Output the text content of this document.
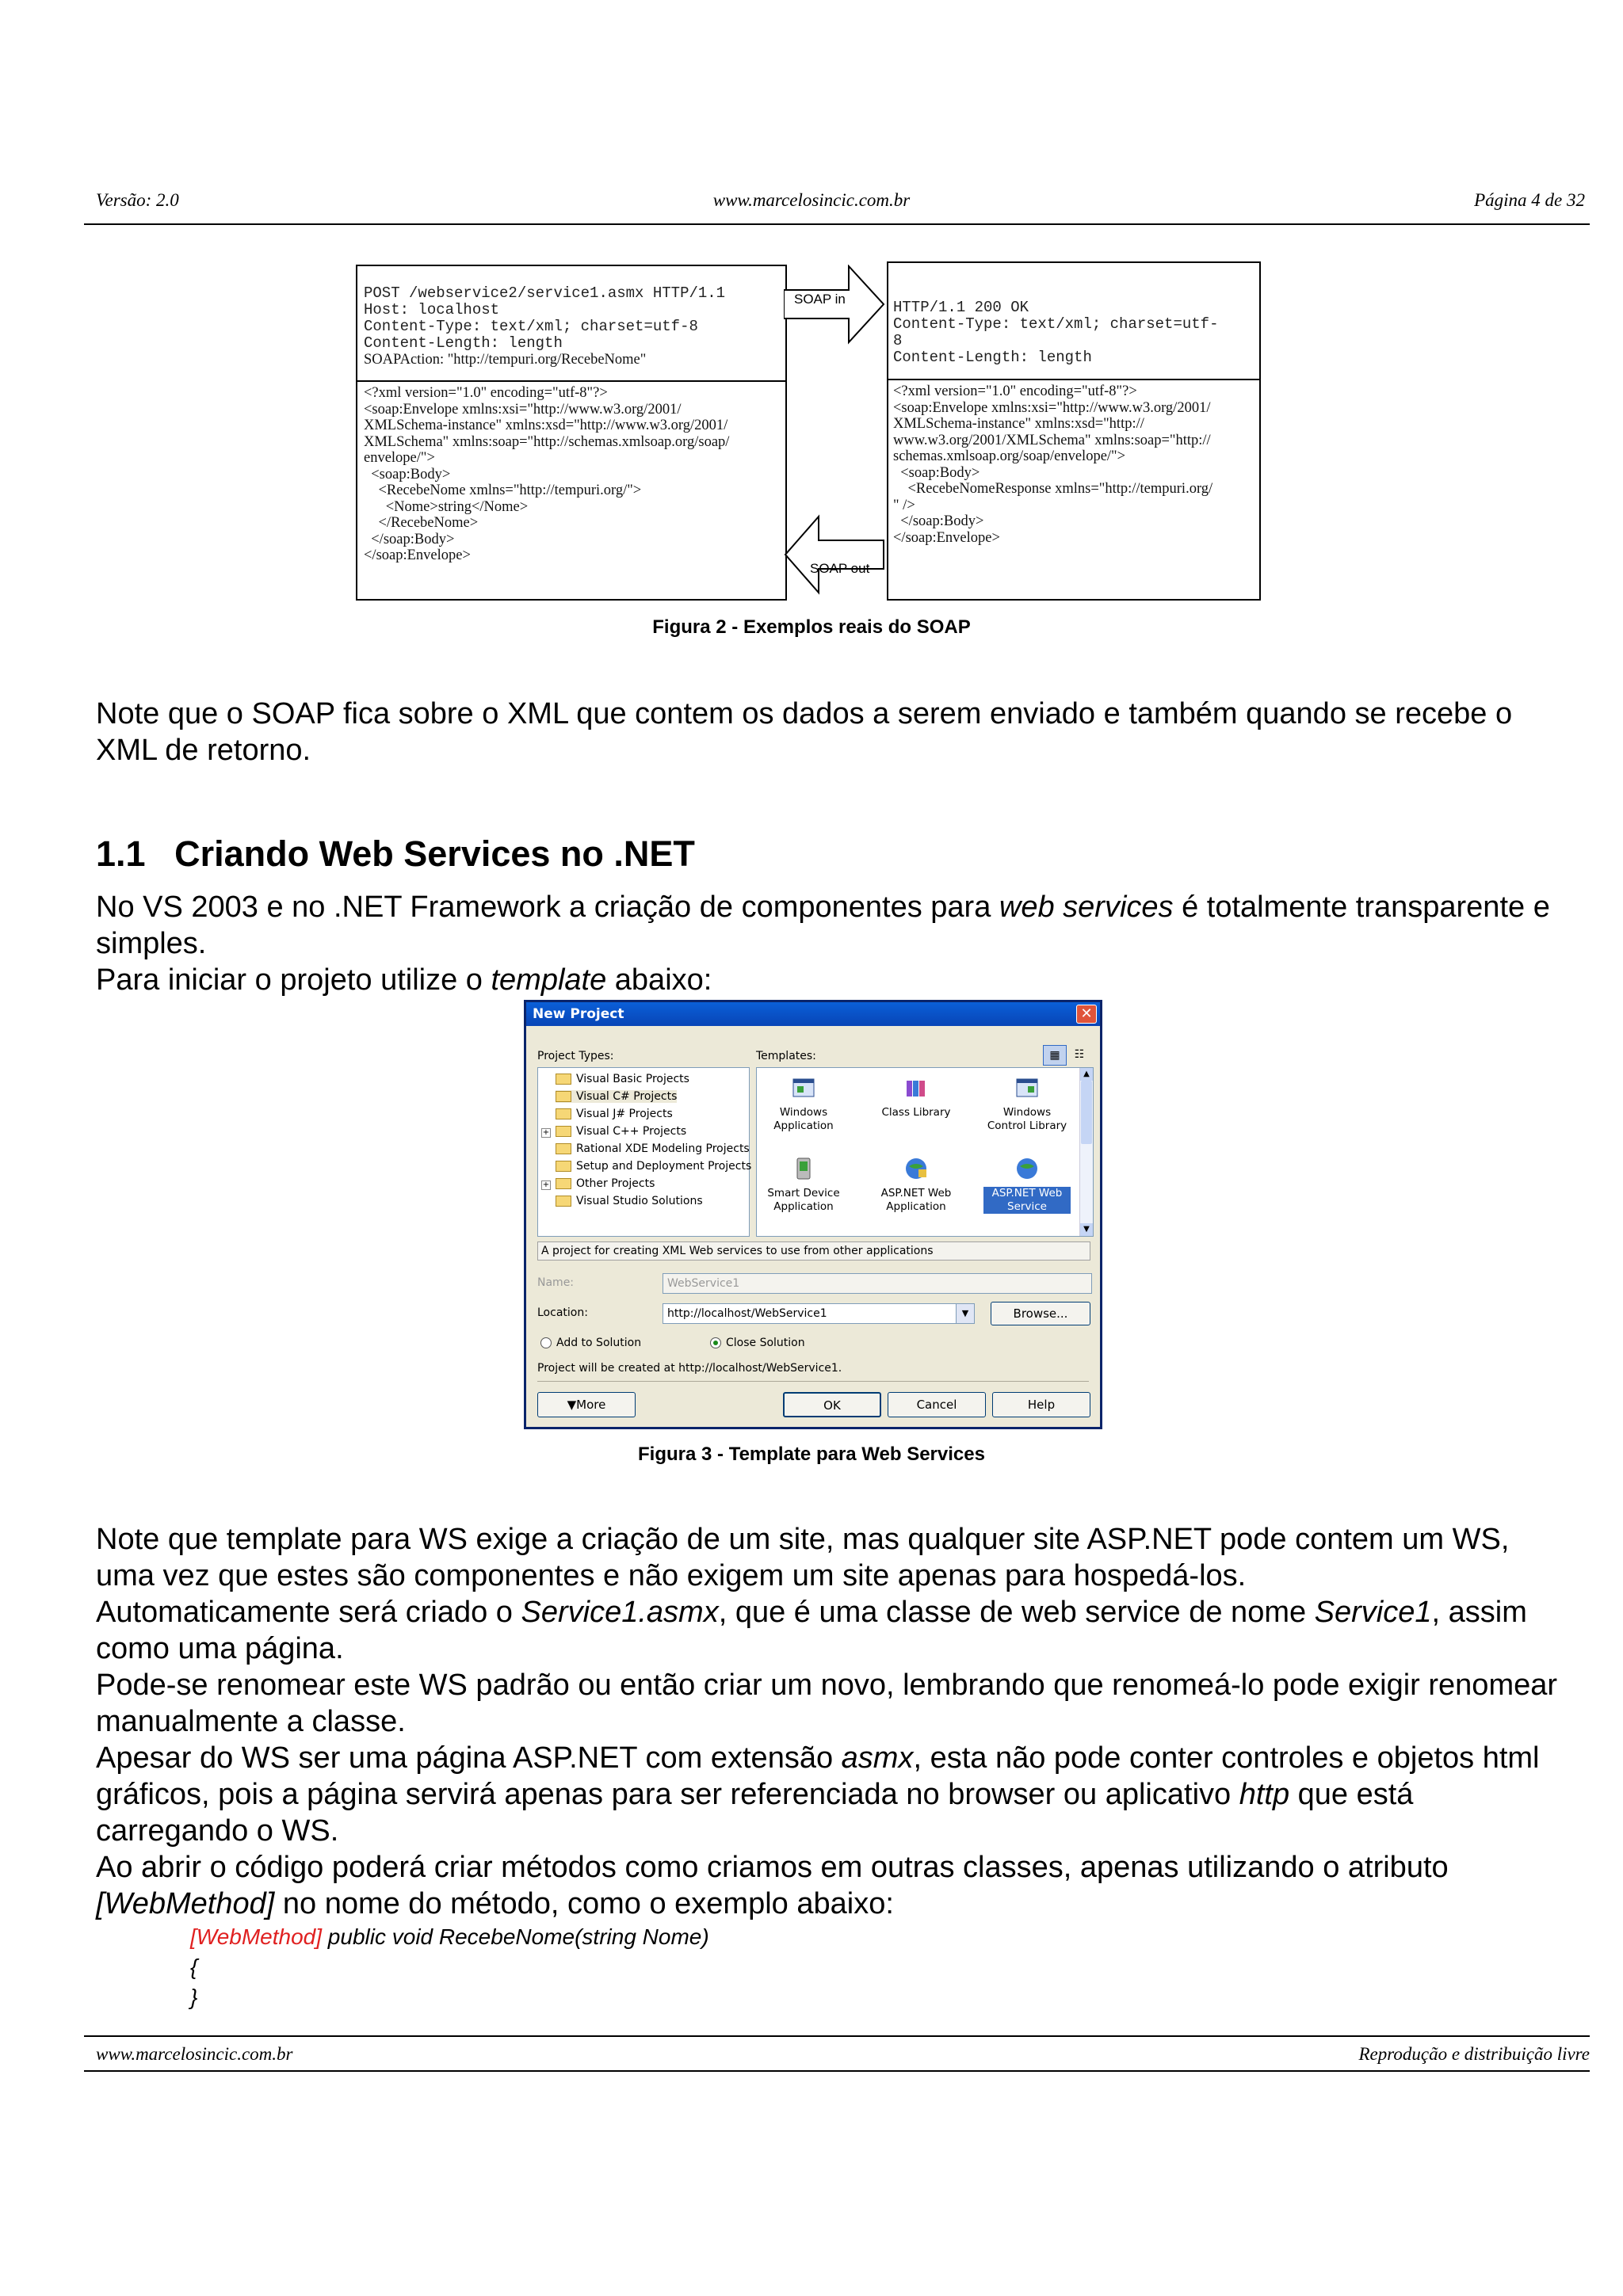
Versão: 2.0	www.marcelosincic.com.br	Página 4 de 32
POST /webservice2/service1.asmx HTTP/1.1
Host: localhost
Content-Type: text/xml; charset=utf-8
Content-Length: length
SOAPAction: "http://tempuri.org/RecebeNome"
<?xml version="1.0" encoding="utf-8"?>
<soap:Envelope xmlns:xsi="http://www.w3.org/2001/
XMLSchema-instance" xmlns:xsd="http://www.w3.org/2001/
XMLSchema" xmlns:soap="http://schemas.xmlsoap.org/soap/
envelope/">
<soap:Body>
<RecebeNome xmlns="http://tempuri.org/">
<Nome>string</Nome>
</RecebeNome>
</soap:Body>
</soap:Envelope>
SOAP in
SOAP out
HTTP/1.1 200 OK
Content-Type: text/xml; charset=utf-
8
Content-Length: length
<?xml version="1.0" encoding="utf-8"?>
<soap:Envelope xmlns:xsi="http://www.w3.org/2001/
XMLSchema-instance" xmlns:xsd="http://
www.w3.org/2001/XMLSchema" xmlns:soap="http://
schemas.xmlsoap.org/soap/envelope/">
<soap:Body>
<RecebeNomeResponse xmlns="http://tempuri.org/
" />
</soap:Body>
</soap:Envelope>
Figura 2 - Exemplos reais do SOAP

Note que o SOAP fica sobre o XML que contem os dados a serem enviado e também quando se recebe o XML de retorno.

1.1 Criando Web Services no .NET

No VS 2003 e no .NET Framework a criação de componentes para web services é totalmente transparente e simples.

Para iniciar o projeto utilize o template abaixo:

New Project	✕
Project Types:	Templates:	▦	☷
Visual Basic Projects
Visual C# Projects
Visual J# Projects
+ Visual C++ Projects
Rational XDE Modeling Projects
Setup and Deployment Projects
+ Other Projects
Visual Studio Solutions
Windows Application
Class Library	Windows Control Library
Smart Device Application
ASP.NET Web Application
ASP.NET Web Service
▲
▼
A project for creating XML Web services to use from other applications
Name:	WebService1
Location:	http://localhost/WebService1	▼	Browse...
Add to Solution	Close Solution
Project will be created at http://localhost/WebService1.
▼More	OK	Cancel	Help
Figura 3 - Template para Web Services

Note que template para WS exige a criação de um site, mas qualquer site ASP.NET pode contem um WS, uma vez que estes são componentes e não exigem um site apenas para hospedá-los.

Automaticamente será criado o Service1.asmx, que é uma classe de web service de nome Service1, assim como uma página.

Pode-se renomear este WS padrão ou então criar um novo, lembrando que renomeá-lo pode exigir renomear manualmente a classe.

Apesar do WS ser uma página ASP.NET com extensão asmx, esta não pode conter controles e objetos html gráficos, pois a página servirá apenas para ser referenciada no browser ou aplicativo http que está carregando o WS.

Ao abrir o código poderá criar métodos como criamos em outras classes, apenas utilizando o atributo [WebMethod] no nome do método, como o exemplo abaixo:

[WebMethod] public void RecebeNome(string Nome)
{
}
www.marcelosincic.com.br	Reprodução e distribuição livre
